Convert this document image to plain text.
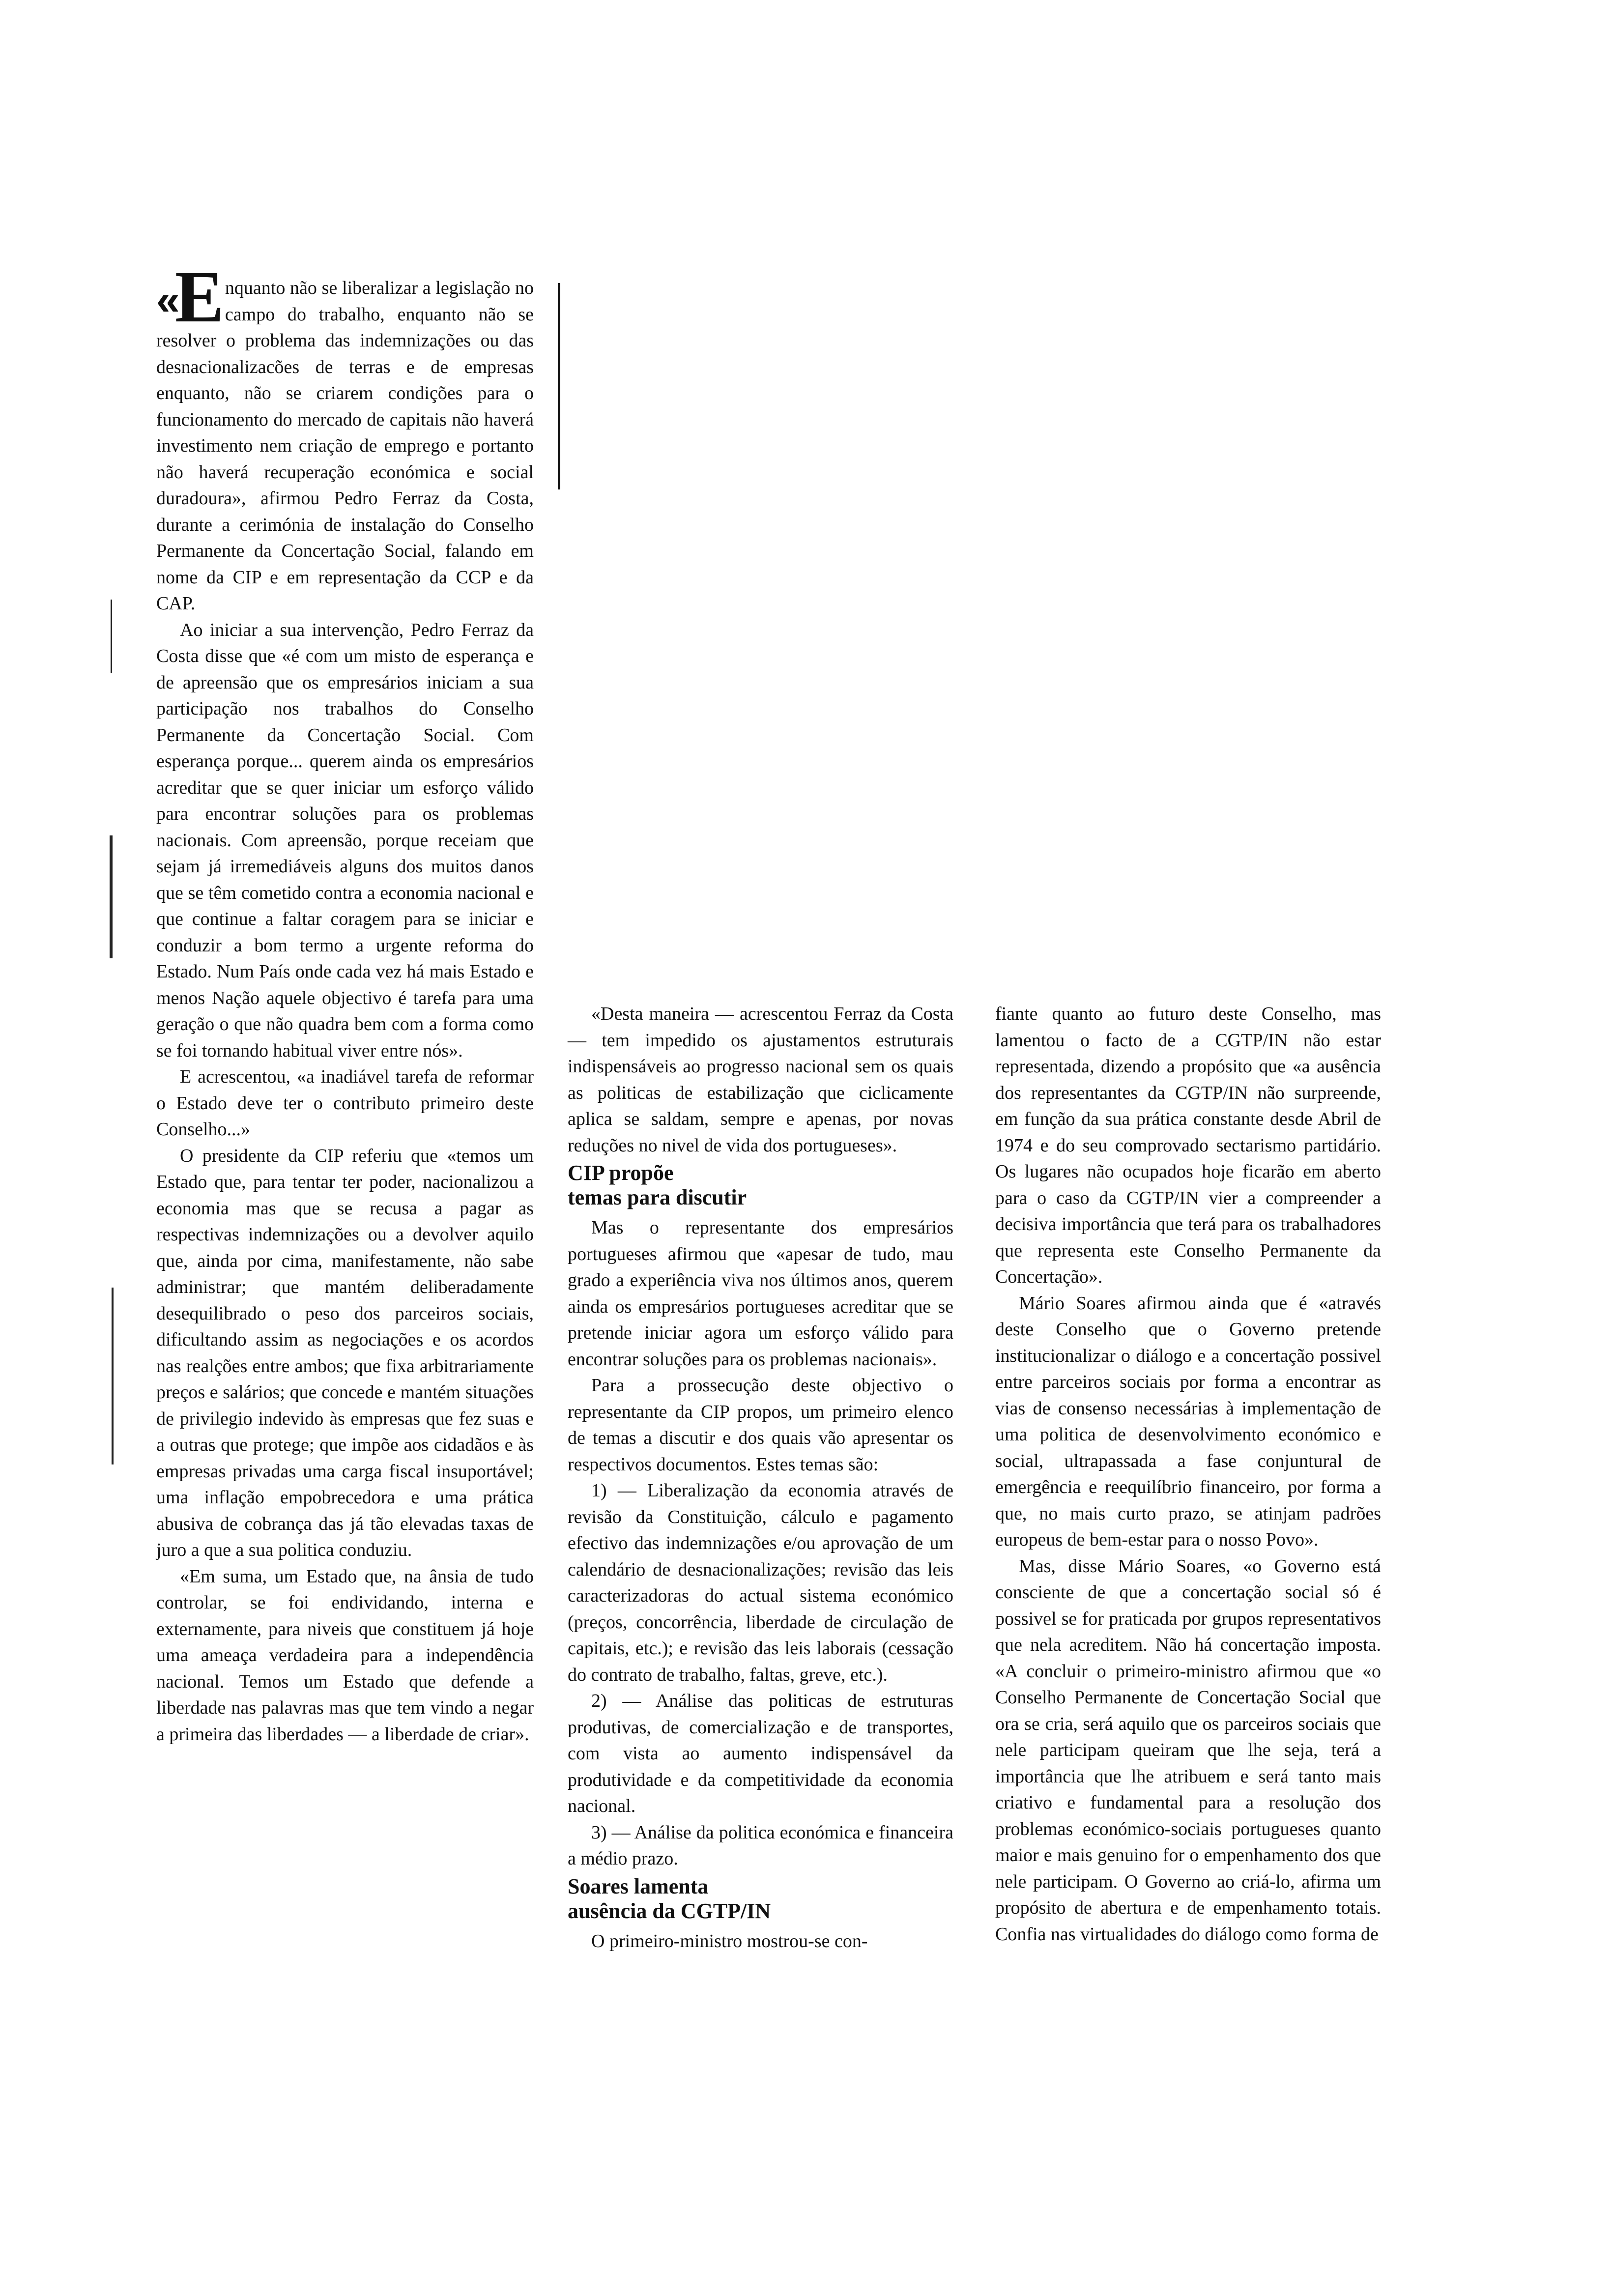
« E nquanto não se liberalizar a legislação no campo do trabalho, enquanto não se resolver o problema das indemnizações ou das desnacionalizacões de terras e de empresas enquanto, não se criarem condições para o funcionamento do mercado de capitais não haverá investimento nem criação de emprego e portanto não haverá recuperação económica e social duradoura», afirmou Pedro Ferraz da Costa, durante a cerimónia de instalação do Conselho Permanente da Concertação Social, falando em nome da CIP e em representação da CCP e da CAP.

Ao iniciar a sua intervenção, Pedro Ferraz da Costa disse que «é com um misto de esperança e de apreensão que os empresários iniciam a sua participação nos trabalhos do Conselho Permanente da Concertação Social. Com esperança porque... querem ainda os empresários acreditar que se quer iniciar um esforço válido para encontrar soluções para os problemas nacionais. Com apreensão, porque receiam que sejam já irremediáveis alguns dos muitos danos que se têm cometido contra a economia nacional e que continue a faltar coragem para se iniciar e conduzir a bom termo a urgente reforma do Estado. Num País onde cada vez há mais Estado e menos Nação aquele objectivo é tarefa para uma geração o que não quadra bem com a forma como se foi tornando habitual viver entre nós».

E acrescentou, «a inadiável tarefa de reformar o Estado deve ter o contributo primeiro deste Conselho...»

O presidente da CIP referiu que «temos um Estado que, para tentar ter poder, nacionalizou a economia mas que se recusa a pagar as respectivas indemnizações ou a devolver aquilo que, ainda por cima, manifestamente, não sabe administrar; que mantém deliberadamente desequilibrado o peso dos parceiros sociais, dificultando assim as negociações e os acordos nas realções entre ambos; que fixa arbitrariamente preços e salários; que concede e mantém situações de privilegio indevido às empresas que fez suas e a outras que protege; que impõe aos cidadãos e às empresas privadas uma carga fiscal insuportável; uma inflação empobrecedora e uma prática abusiva de cobrança das já tão elevadas taxas de juro a que a sua politica conduziu.

«Em suma, um Estado que, na ânsia de tudo controlar, se foi endividando, interna e externamente, para niveis que constituem já hoje uma ameaça verdadeira para a independência nacional. Temos um Estado que defende a liberdade nas palavras mas que tem vindo a negar a primeira das liberdades — a liberdade de criar».

«Desta maneira — acrescentou Ferraz da Costa — tem impedido os ajustamentos estruturais indispensáveis ao progresso nacional sem os quais as politicas de estabilização que ciclicamente aplica se saldam, sempre e apenas, por novas reduções no nivel de vida dos portugueses».

CIP propõe
temas para discutir

Mas o representante dos empresários portugueses afirmou que «apesar de tudo, mau grado a experiência viva nos últimos anos, querem ainda os empresários portugueses acreditar que se pretende iniciar agora um esforço válido para encontrar soluções para os problemas nacionais».

Para a prossecução deste objectivo o representante da CIP propos, um primeiro elenco de temas a discutir e dos quais vão apresentar os respectivos documentos. Estes temas são:

1) — Liberalização da economia através de revisão da Constituição, cálculo e pagamento efectivo das indemnizações e/ou aprovação de um calendário de desnacionalizações; revisão das leis caracterizadoras do actual sistema económico (preços, concorrência, liberdade de circulação de capitais, etc.); e revisão das leis laborais (cessação do contrato de trabalho, faltas, greve, etc.).

2) — Análise das politicas de estruturas produtivas, de comercialização e de transportes, com vista ao aumento indispensável da produtividade e da competitividade da economia nacional.

3) — Análise da politica económica e financeira a médio prazo.

Soares lamenta
ausência da CGTP/IN

O primeiro-ministro mostrou-se con-

fiante quanto ao futuro deste Conselho, mas lamentou o facto de a CGTP/IN não estar representada, dizendo a propósito que «a ausência dos representantes da CGTP/IN não surpreende, em função da sua prática constante desde Abril de 1974 e do seu comprovado sectarismo partidário. Os lugares não ocupados hoje ficarão em aberto para o caso da CGTP/IN vier a compreender a decisiva importância que terá para os trabalhadores que representa este Conselho Permanente da Concertação».

Mário Soares afirmou ainda que é «através deste Conselho que o Governo pretende institucionalizar o diálogo e a concertação possivel entre parceiros sociais por forma a encontrar as vias de consenso necessárias à implementação de uma politica de desenvolvimento económico e social, ultrapassada a fase conjuntural de emergência e reequilíbrio financeiro, por forma a que, no mais curto prazo, se atinjam padrões europeus de bem-estar para o nosso Povo».

Mas, disse Mário Soares, «o Governo está consciente de que a concertação social só é possivel se for praticada por grupos representativos que nela acreditem. Não há concertação imposta. «A concluir o primeiro-ministro afirmou que «o Conselho Permanente de Concertação Social que ora se cria, será aquilo que os parceiros sociais que nele participam queiram que lhe seja, terá a importância que lhe atribuem e será tanto mais criativo e fundamental para a resolução dos problemas económico-sociais portugueses quanto maior e mais genuino for o empenhamento dos que nele participam. O Governo ao criá-lo, afirma um propósito de abertura e de empenhamento totais. Confia nas virtualidades do diálogo como forma de
